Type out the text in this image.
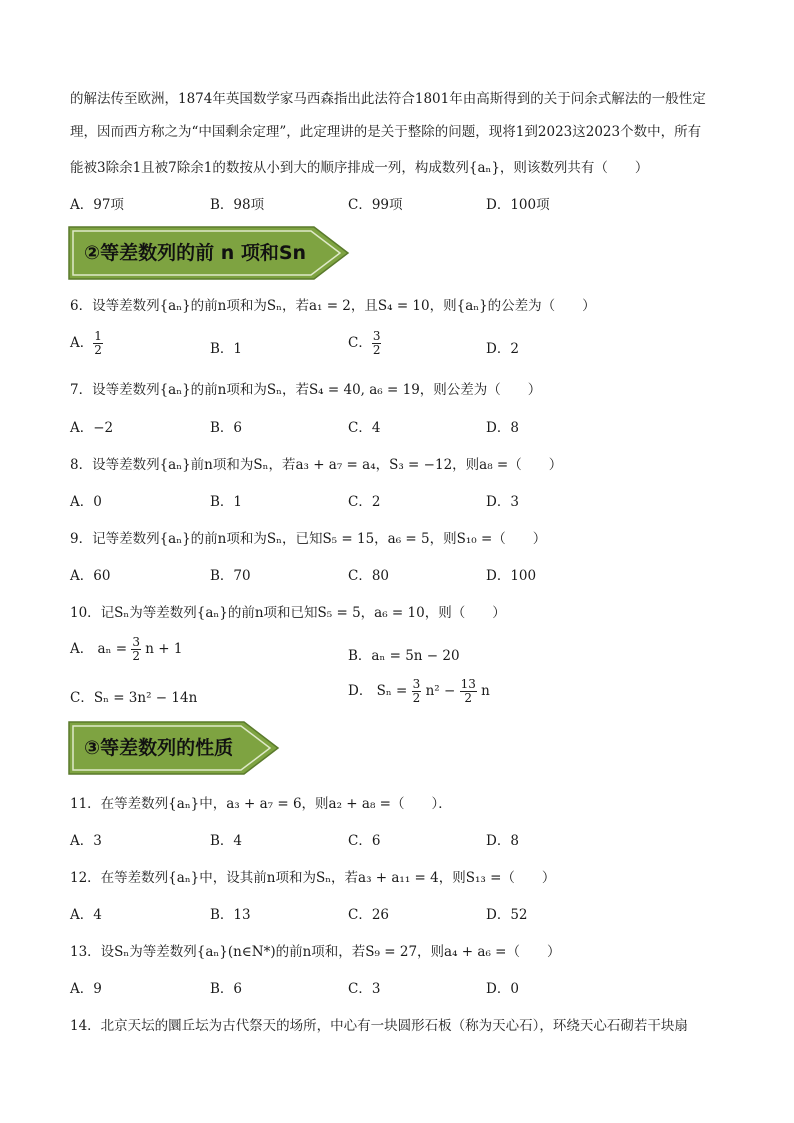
的解法传至欧洲，1874年英国数学家马西森指出此法符合1801年由高斯得到的关于问余式解法的一般性定
理，因而西方称之为“中国剩余定理”，此定理讲的是关于整除的问题，现将1到2023这2023个数中，所有
能被3除余1且被7除余1的数按从小到大的顺序排成一列，构成数列{aₙ}，则该数列共有（　　）
A．97项	B．98项	C．99项	D．100项
②等差数列的前 n 项和Sn
6．设等差数列{aₙ}的前n项和为Sₙ，若a₁ = 2，且S₄ = 10，则{aₙ}的公差为（　　）
A． $\frac{1}{2}$	B．1	C． $\frac{3}{2}$	D．2
7．设等差数列{aₙ}的前n项和为Sₙ，若S₄ = 40, a₆ = 19，则公差为（　　）
A．−2	B．6	C．4	D．8
8．设等差数列{aₙ}前n项和为Sₙ，若a₃ + a₇ = a₄，S₃ = −12，则a₈ =（　　）
A．0	B．1	C．2	D．3
9．记等差数列{aₙ}的前n项和为Sₙ，已知S₅ = 15，a₆ = 5，则S₁₀ =（　　）
A．60	B．70	C．80	D．100
10．记Sₙ为等差数列{aₙ}的前n项和已知S₅ = 5，a₆ = 10，则（　　）
A． $a_n = \frac{3}{2}$ n + 1	B．aₙ = 5n − 20
C．Sₙ = 3n² − 14n	D． $S_n = \frac{3}{2} n^2 - \frac{13}{2}$ n
③等差数列的性质
11．在等差数列{aₙ}中，a₃ + a₇ = 6，则a₂ + a₈ =（　　）．
A．3	B．4	C．6	D．8
12．在等差数列{aₙ}中，设其前n项和为Sₙ，若a₃ + a₁₁ = 4，则S₁₃ =（　　）
A．4	B．13	C．26	D．52
13．设Sₙ为等差数列{aₙ}(n∈N*)的前n项和，若S₉ = 27，则a₄ + a₆ =（　　）
A．9	B．6	C．3	D．0
14．北京天坛的圜丘坛为古代祭天的场所，中心有一块圆形石板（称为天心石），环绕天心石砌若干块扇
